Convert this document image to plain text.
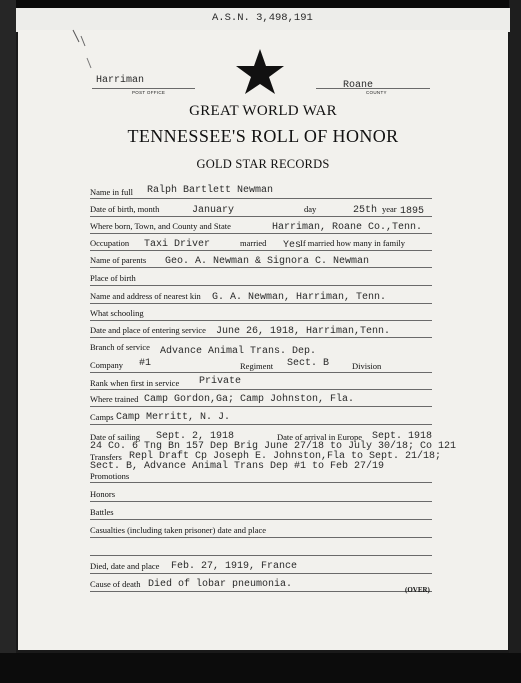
A.S.N. 3,498,191
Harriman
POST OFFICE
Roane
COUNTY
GREAT WORLD WAR
TENNESSEE'S ROLL OF HONOR
GOLD STAR RECORDS
Name in full Ralph Bartlett Newman
Date of birth, month	January	day	25th year 1895
Where born, Town, and County and State	Harriman, Roane Co.,Tenn.
Occupation Taxi Driver	married Yes
If married how many in family
Name of parents Geo. A. Newman & Signora C. Newman
Place of birth
Name and address of nearest kin G. A. Newman, Harriman, Tenn.
What schooling
Date and place of entering service June 26, 1918, Harriman,Tenn.
Branch of service Advance Animal Trans. Dep.
Company #1	Regiment Sect. B	Division
Rank when first in service Private
Where trained Camp Gordon,Ga; Camp Johnston, Fla.
Camps Camp Merritt, N. J.
Date of sailing Sept. 2, 1918	Date of arrival in Europe Sept. 1918
24 Co. 6 Tng Bn 157 Dep Brig June 27/18 to July 30/18; Co 121
Transfers Repl Draft Cp Joseph E. Johnston,Fla to Sept. 21/18;
Sect. B, Advance Animal Trans Dep #1 to Feb 27/19
Promotions
Honors
Battles
Casualties (including taken prisoner) date and place
Died, date and place Feb. 27, 1919, France
Cause of death Died of lobar pneumonia.	(OVER)
